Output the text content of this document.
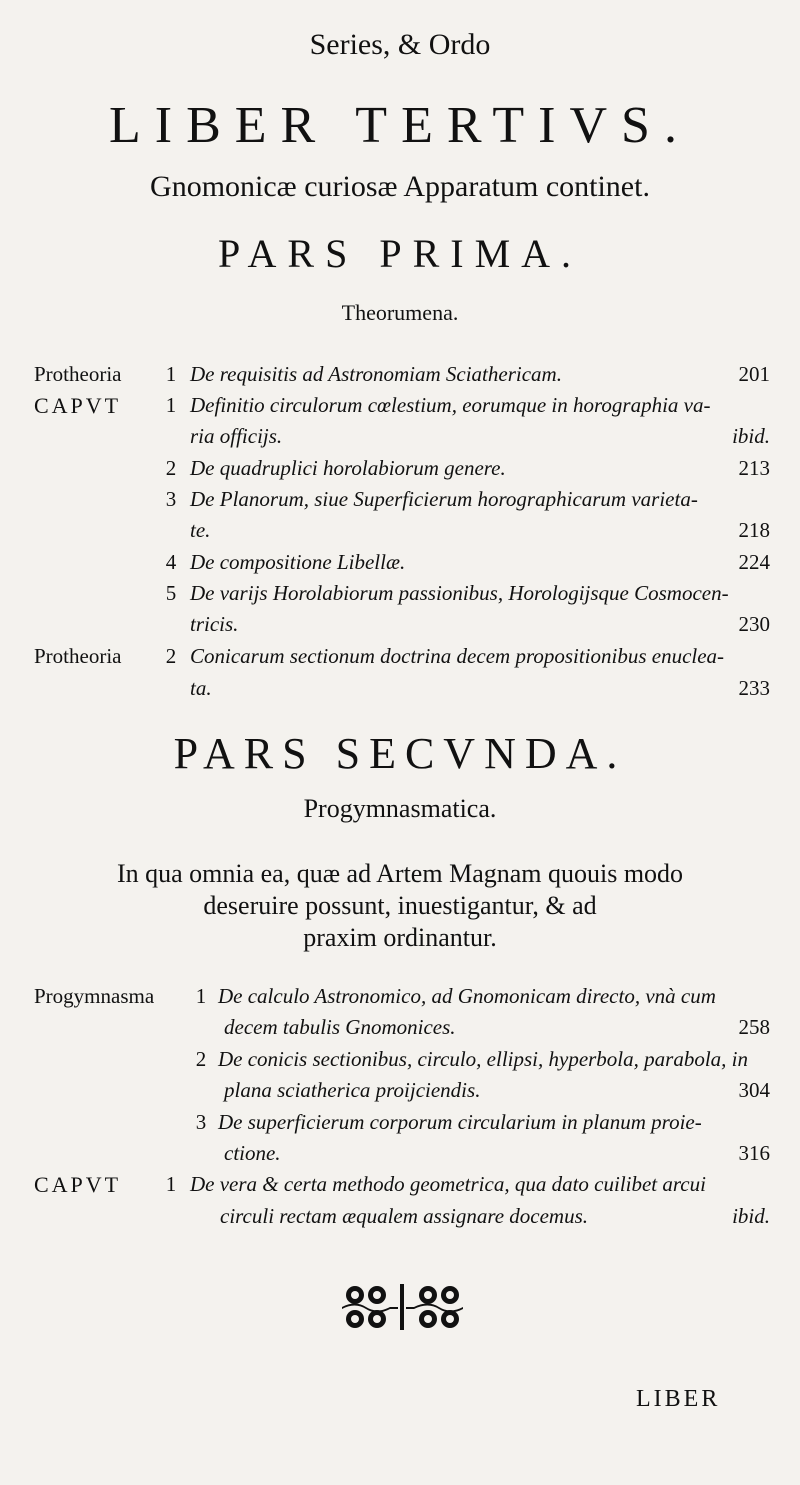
Series, & Ordo
LIBER TERTIVS.
Gnomonicæ curiosæ Apparatum continet.
PARS PRIMA.
Theorumena.
Protheoria 1 De requisitis ad Astronomiam Sciathericam.	201
CAPVT 1 Definitio circulorum cœlestium, eorumque in horographia va-
ria officijs.	ibid.
2 De quadruplici horolabiorum genere.	213
3 De Planorum, siue Superficierum horographicarum varieta-
te.	218
4 De compositione Libellæ.	224
5 De varijs Horolabiorum passionibus, Horologijsque Cosmocen-
tricis.	230
Protheoria 2 Conicarum sectionum doctrina decem propositionibus enuclea-
ta.	233
PARS SECVNDA.
Progymnasmatica.
In qua omnia ea, quæ ad Artem Magnam quouis modo
deseruire possunt, inuestigantur, & ad
praxim ordinantur.
Progymnasma 1 De calculo Astronomico, ad Gnomonicam directo, vnà cum
decem tabulis Gnomonices.	258
2 De conicis sectionibus, circulo, ellipsi, hyperbola, parabola, in
plana sciatherica proijciendis.	304
3 De superficierum corporum circularium in planum proie-
ctione.	316
CAPVT 1 De vera & certa methodo geometrica, qua dato cuilibet arcui
circuli rectam æqualem assignare docemus.	ibid.
LIBER
